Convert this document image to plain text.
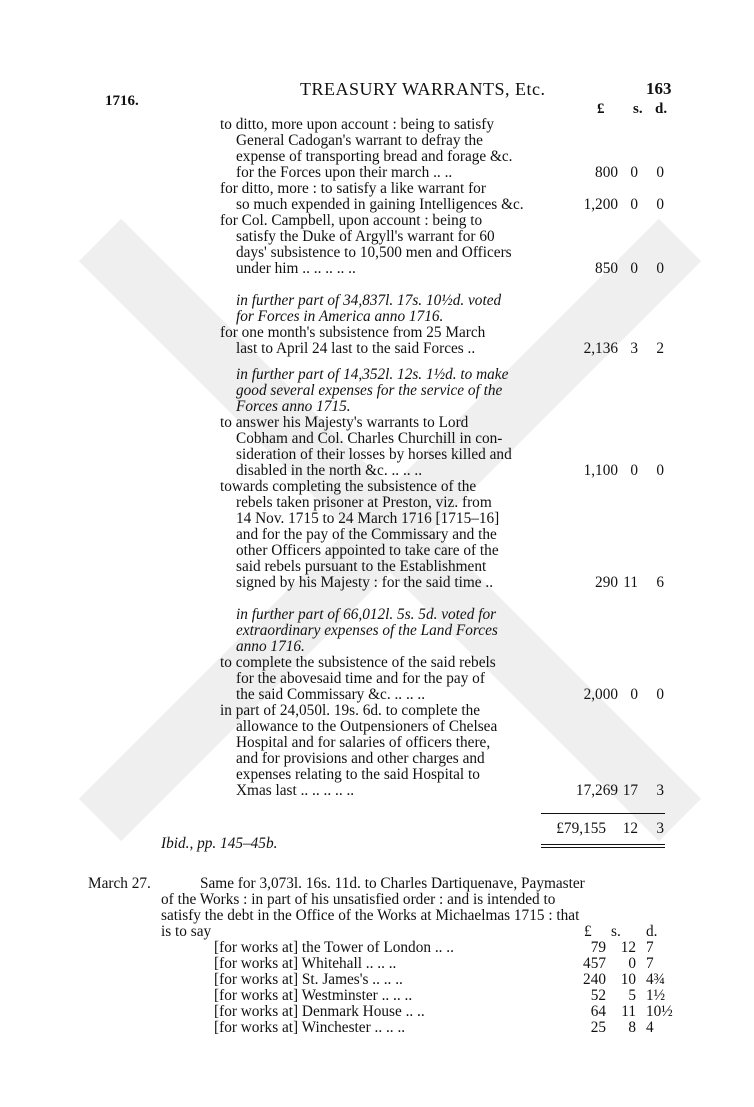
TREASURY WARRANTS, Etc.	163
1716.	£ s. d.
to ditto, more upon account : being to satisfy
General Cadogan's warrant to defray the
expense of transporting bread and forage &c.
for the Forces upon their march .. ..	800 0	0
for ditto, more : to satisfy a like warrant for
so much expended in gaining Intelligences &c.	1,200 0	0
for Col. Campbell, upon account : being to
satisfy the Duke of Argyll's warrant for 60
days' subsistence to 10,500 men and Officers
under him .. .. .. .. ..	850 0	0
in further part of 34,837l. 17s. 10½d. voted
for Forces in America anno 1716.
for one month's subsistence from 25 March
last to April 24 last to the said Forces ..	2,136 3	2
in further part of 14,352l. 12s. 1½d. to make
good several expenses for the service of the
Forces anno 1715.
to answer his Majesty's warrants to Lord
Cobham and Col. Charles Churchill in con-
sideration of their losses by horses killed and
disabled in the north &c. .. .. ..	1,100 0	0
towards completing the subsistence of the
rebels taken prisoner at Preston, viz. from
14 Nov. 1715 to 24 March 1716 [1715–16]
and for the pay of the Commissary and the
other Officers appointed to take care of the
said rebels pursuant to the Establishment
signed by his Majesty : for the said time ..	290 11	6
in further part of 66,012l. 5s. 5d. voted for
extraordinary expenses of the Land Forces
anno 1716.
to complete the subsistence of the said rebels
for the abovesaid time and for the pay of
the said Commissary &c. .. .. ..	2,000 0	0
in part of 24,050l. 19s. 6d. to complete the
allowance to the Outpensioners of Chelsea
Hospital and for salaries of officers there,
and for provisions and other charges and
expenses relating to the said Hospital to
Xmas last .. .. .. .. ..	17,269 17	3
£79,155	12	3
Ibid., pp. 145–45b.
March 27.	Same for 3,073l. 16s. 11d. to Charles Dartiquenave, Paymaster
of the Works : in part of his unsatisfied order : and is intended to
satisfy the debt in the Office of the Works at Michaelmas 1715 : that
is to say	£ s. d.
[for works at] the Tower of London .. ..	79 12 7
[for works at] Whitehall .. .. ..	457	0 7
[for works at] St. James's .. .. ..	240 10 4¾
[for works at] Westminster .. .. ..	52	5 1½
[for works at] Denmark House .. ..	64 11 10½
[for works at] Winchester .. .. ..	25	8 4
